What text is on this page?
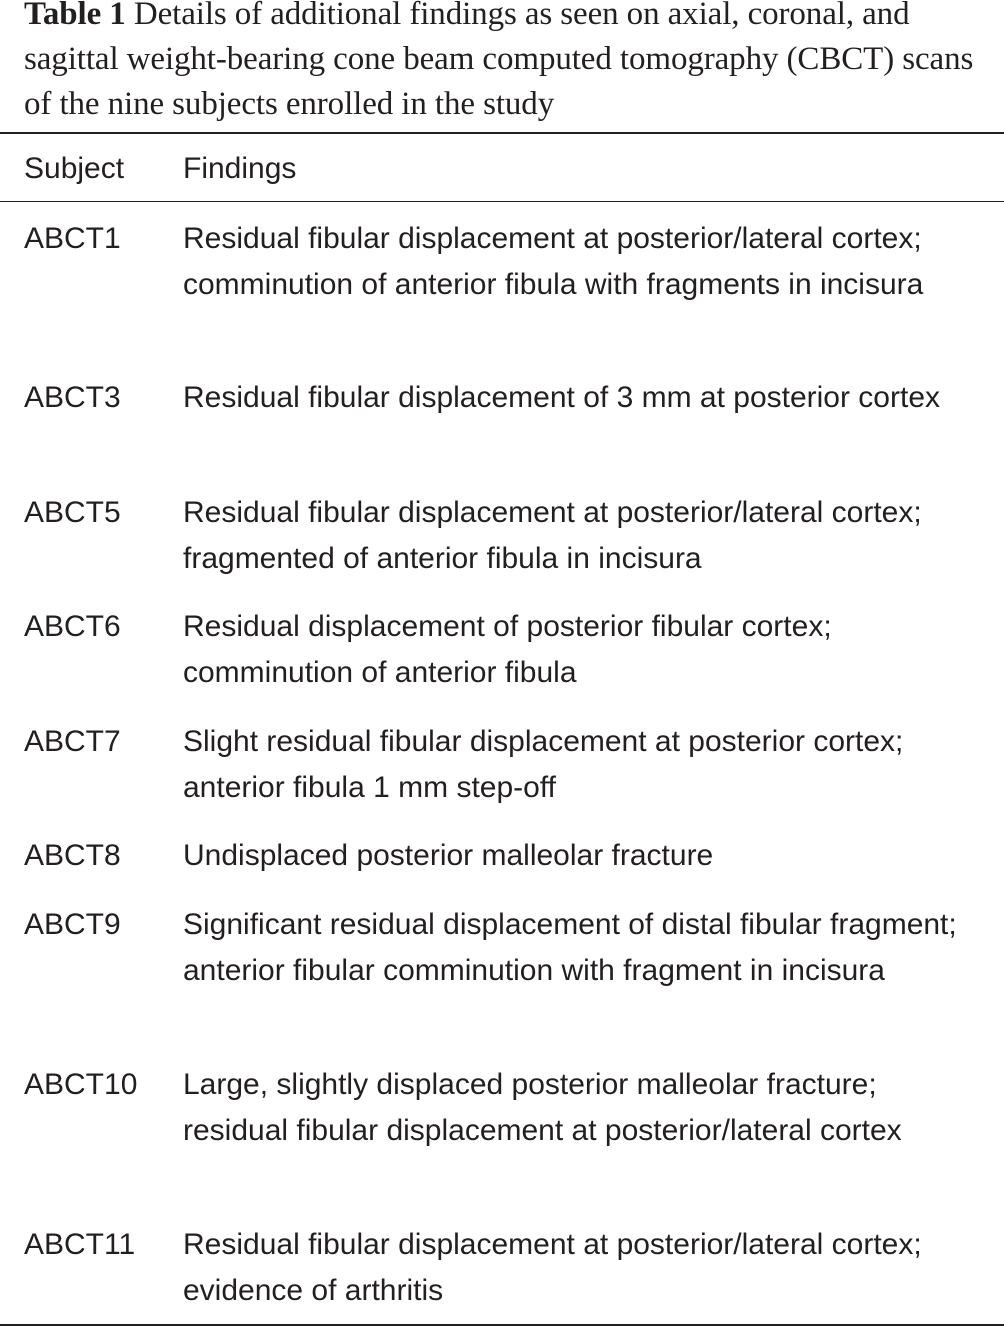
Table 1 Details of additional findings as seen on axial, coronal, and sagittal weight-bearing cone beam computed tomography (CBCT) scans of the nine subjects enrolled in the study
Subject Findings
ABCT1 Residual fibular displacement at posterior/lateral cortex; comminution of anterior fibula with fragments in incisura
ABCT3 Residual fibular displacement of 3 mm at posterior cortex
ABCT5 Residual fibular displacement at posterior/lateral cortex; fragmented of anterior fibula in incisura
ABCT6 Residual displacement of posterior fibular cortex; comminution of anterior fibula
ABCT7 Slight residual fibular displacement at posterior cortex; anterior fibula 1 mm step-off
ABCT8 Undisplaced posterior malleolar fracture
ABCT9 Significant residual displacement of distal fibular fragment; anterior fibular comminution with fragment in incisura
ABCT10 Large, slightly displaced posterior malleolar fracture; residual fibular displacement at posterior/lateral cortex
ABCT11 Residual fibular displacement at posterior/lateral cortex; evidence of arthritis
